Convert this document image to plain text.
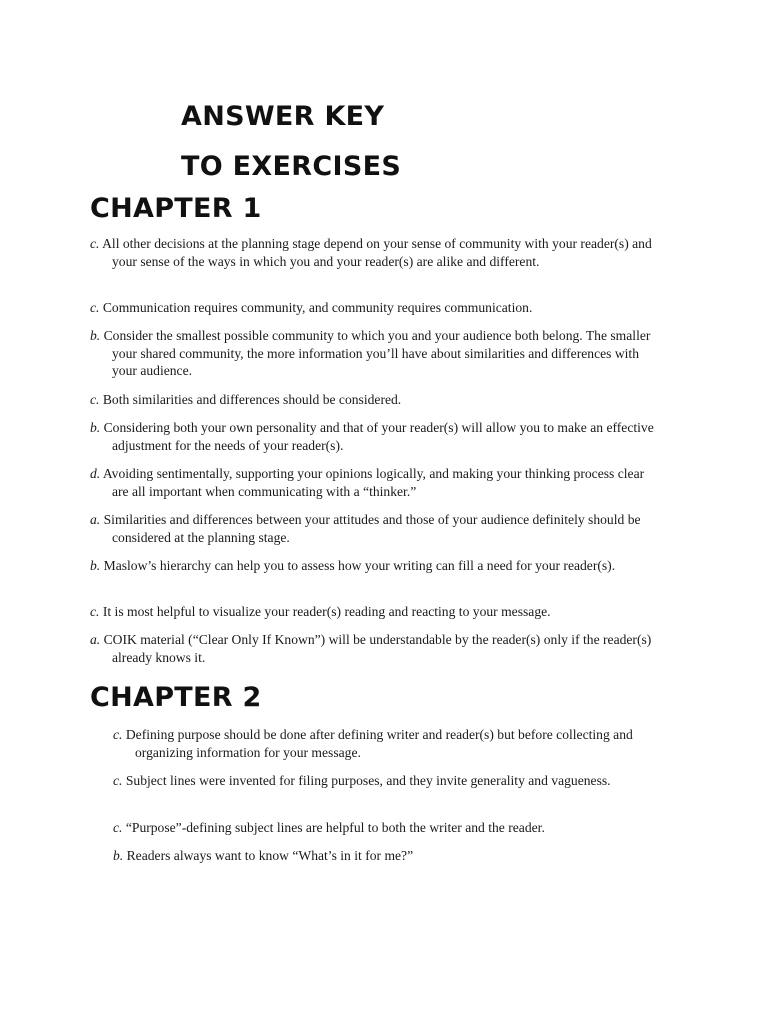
ANSWER KEY
TO EXERCISES
CHAPTER 1

c. All other decisions at the planning stage depend on your sense of community with your reader(s) and your sense of the ways in which you and your reader(s) are alike and different.

c. Communication requires community, and community requires communication.

b. Consider the smallest possible community to which you and your audience both belong. The smaller your shared community, the more information you’ll have about similarities and differences with your audience.

c. Both similarities and differences should be considered.

b. Considering both your own personality and that of your reader(s) will allow you to make an effective adjustment for the needs of your reader(s).

d. Avoiding sentimentally, supporting your opinions logically, and making your thinking process clear are all important when communicating with a “thinker.”

a. Similarities and differences between your attitudes and those of your audience definitely should be considered at the planning stage.

b. Maslow’s hierarchy can help you to assess how your writing can fill a need for your reader(s).

c. It is most helpful to visualize your reader(s) reading and reacting to your message.

a. COIK material (“Clear Only If Known”) will be understandable by the reader(s) only if the reader(s) already knows it.

CHAPTER 2

c. Defining purpose should be done after defining writer and reader(s) but before collecting and organizing information for your message.

c. Subject lines were invented for filing purposes, and they invite generality and vagueness.

c. “Purpose”-defining subject lines are helpful to both the writer and the reader.

b. Readers always want to know “What’s in it for me?”
